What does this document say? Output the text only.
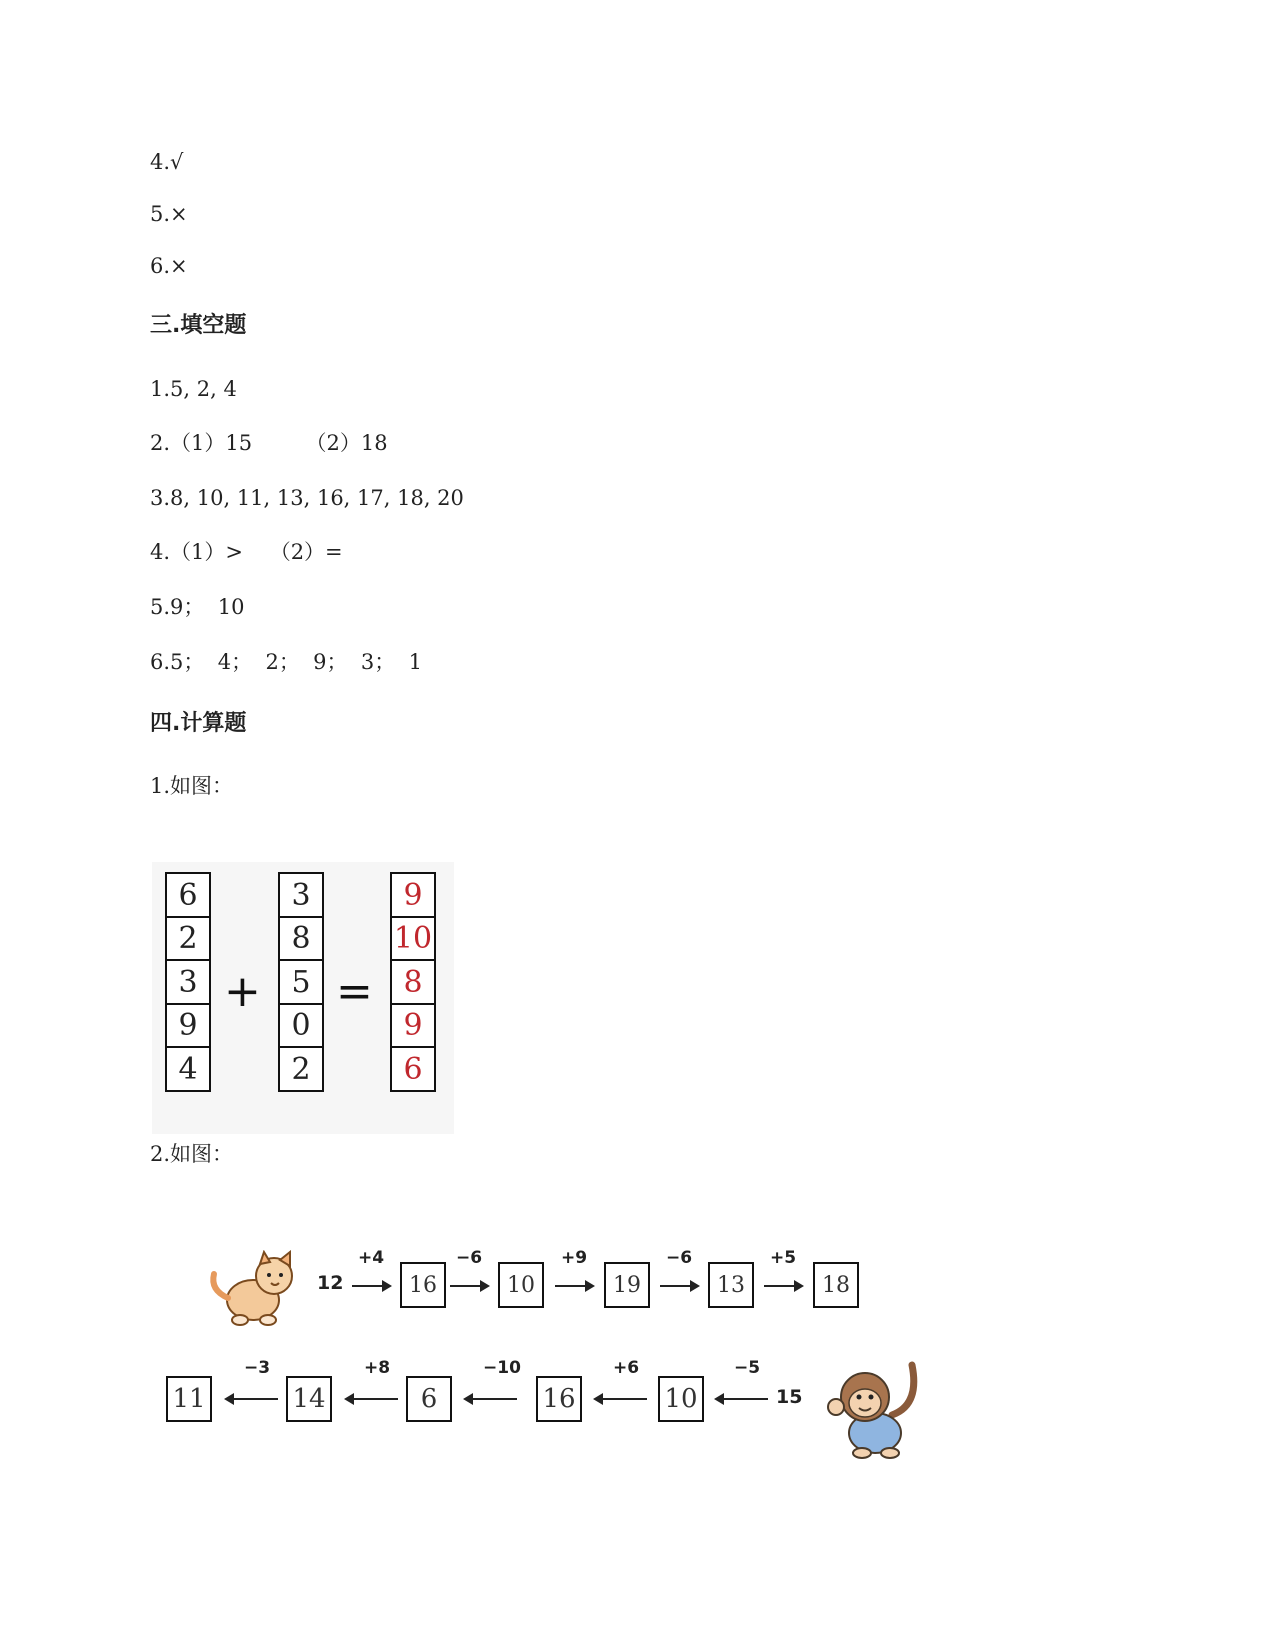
4.√
5.×
6.×
三.填空题
1.5, 2, 4
2.（1）15        （2）18
3.8, 10, 11, 13, 16, 17, 18, 20
4.（1）>    （2）=
5.9；  10
6.5；  4；  2；  9；  3；  1
四.计算题
1.如图：
6
2
3
9
4
+
3
8
5
0
2
=
9
10
8
9
6
2.如图：
12
+4
16
−6
10
+9
19
−6
13
+5
18
15
−5
10
+6
16
−10
6
+8
14
−3
11
